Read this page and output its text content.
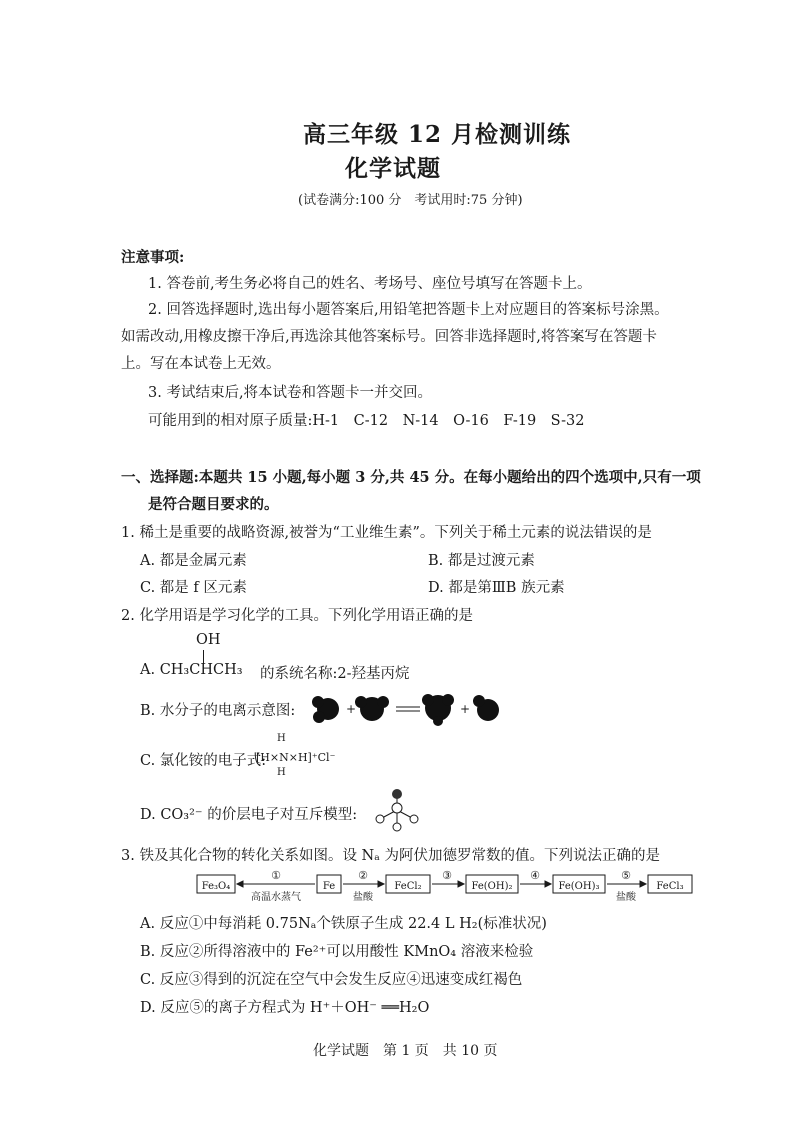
高三年级 12 月检测训练
化学试题
(试卷满分:100 分　考试用时:75 分钟)
注意事项:
1. 答卷前,考生务必将自己的姓名、考场号、座位号填写在答题卡上。
2. 回答选择题时,选出每小题答案后,用铅笔把答题卡上对应题目的答案标号涂黑。
如需改动,用橡皮擦干净后,再选涂其他答案标号。回答非选择题时,将答案写在答题卡
上。写在本试卷上无效。
3. 考试结束后,将本试卷和答题卡一并交回。
可能用到的相对原子质量:H-1　C-12　N-14　O-16　F-19　S-32
一、选择题:本题共 15 小题,每小题 3 分,共 45 分。在每小题给出的四个选项中,只有一项
是符合题目要求的。
1. 稀土是重要的战略资源,被誉为“工业维生素”。下列关于稀土元素的说法错误的是
A. 都是金属元素	B. 都是过渡元素
C. 都是 f 区元素	D. 都是第ⅢB 族元素
2. 化学用语是学习化学的工具。下列化学用语正确的是
OH
A. CH₃CHCH₃ 的系统名称:2-羟基丙烷
B. 水分子的电离示意图:	+	+
C. 氯化铵的电子式:
H
[H×N×H]⁺Cl⁻
H
D. CO₃²⁻ 的价层电子对互斥模型:
3. 铁及其化合物的转化关系如图。设 Nₐ 为阿伏加德罗常数的值。下列说法正确的是
Fe₃O₄	Fe	FeCl₂	Fe(OH)₂	Fe(OH)₃	FeCl₃
①	②	③	④	⑤
高温水蒸气	盐酸	盐酸
A. 反应①中每消耗 0.75Nₐ个铁原子生成 22.4 L H₂(标准状况)
B. 反应②所得溶液中的 Fe²⁺可以用酸性 KMnO₄ 溶液来检验
C. 反应③得到的沉淀在空气中会发生反应④迅速变成红褐色
D. 反应⑤的离子方程式为 H⁺＋OH⁻ ══H₂O
化学试题　第 1 页　共 10 页
